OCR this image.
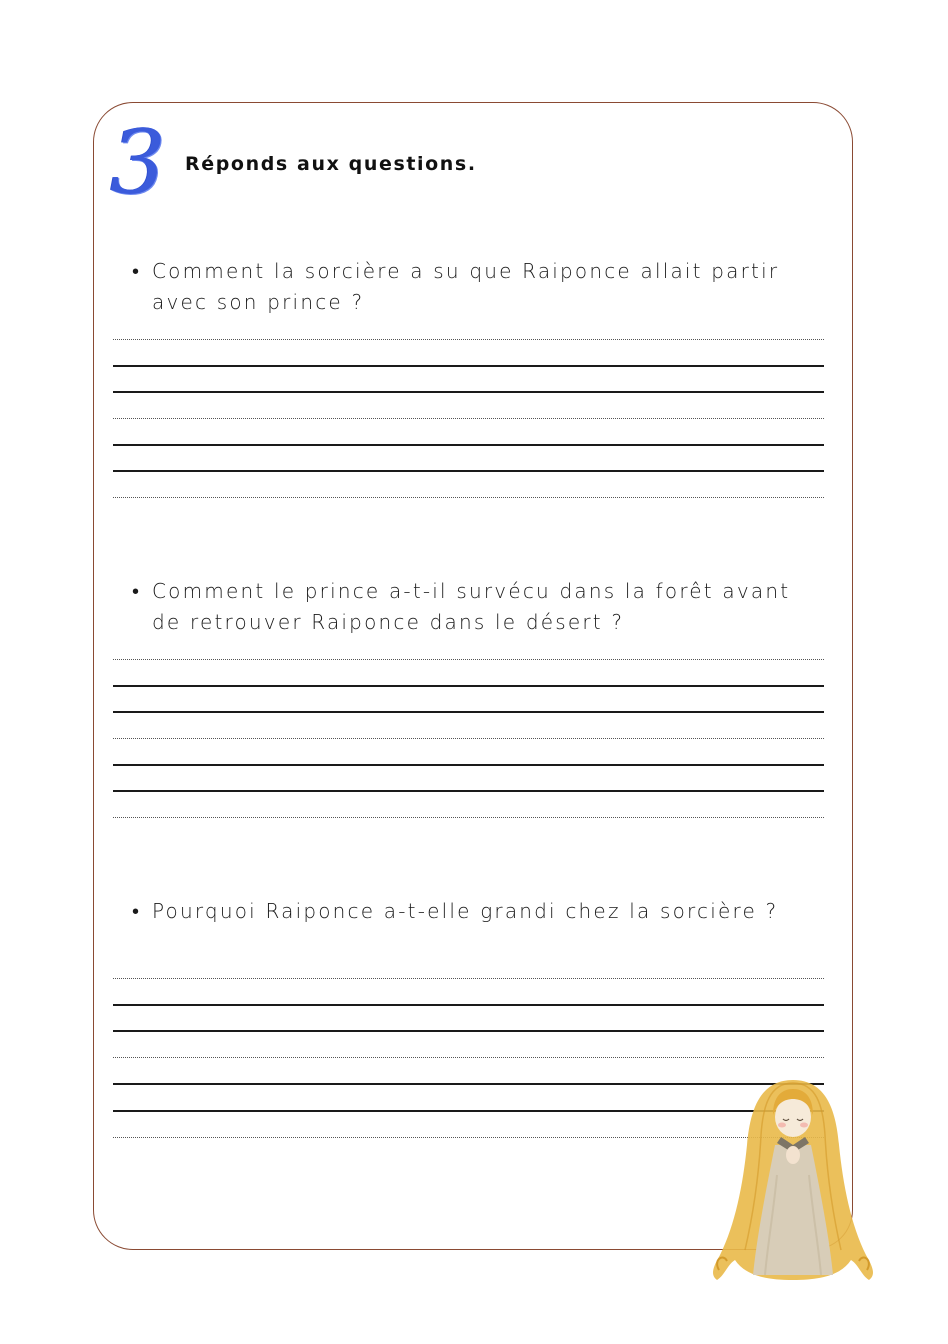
3 Réponds aux questions.
• Comment la sorcière a su que Raiponce allait partir avec son prince ?
• Comment le prince a-t-il survécu dans la forêt avant de retrouver Raiponce dans le désert ?
• Pourquoi Raiponce a-t-elle grandi chez la sorcière ?
